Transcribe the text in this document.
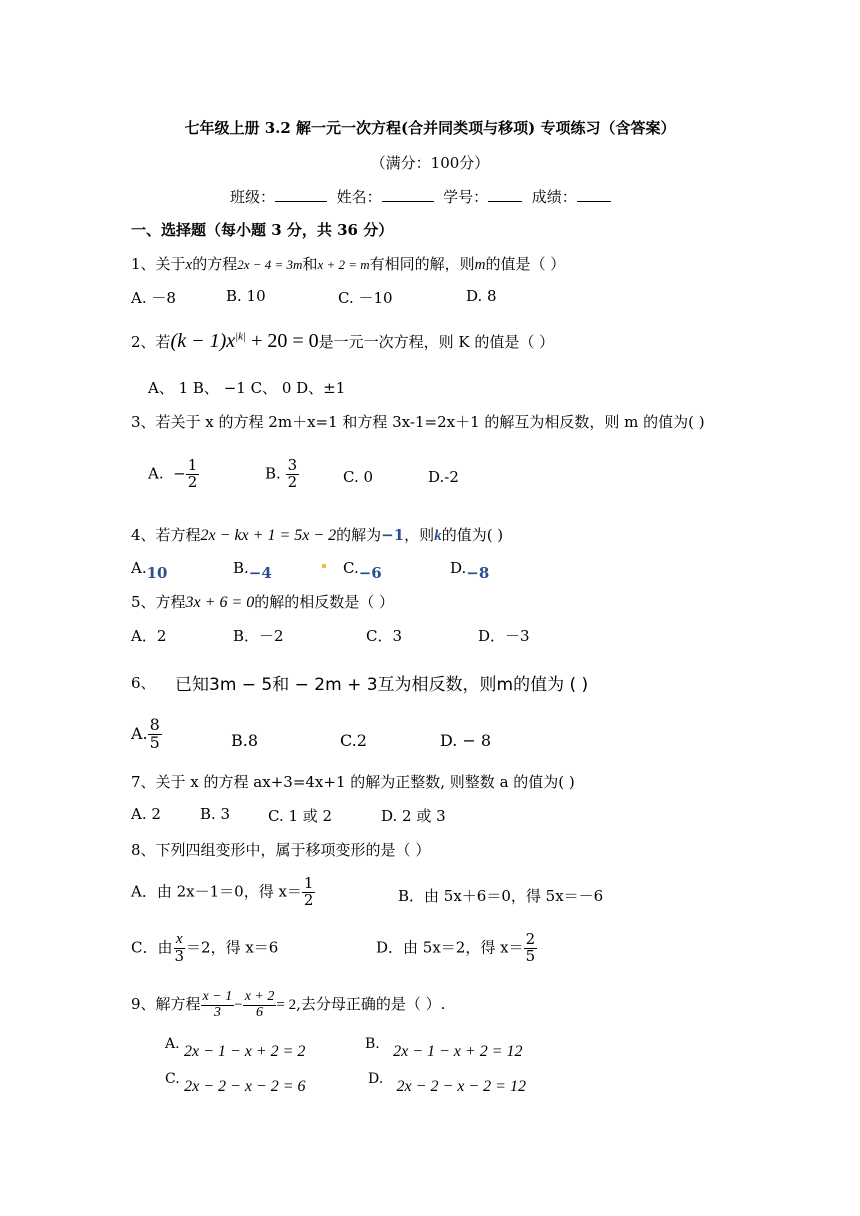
七年级上册 3.2 解一元一次方程(合并同类项与移项) 专项练习（含答案）
（满分：100分）
班级：	姓名：	学号：	成绩：
一、选择题（每小题 3 分，共 36 分）
1、关于x的方程2x − 4 = 3m和x + 2 = m有相同的解，则m的值是（ ）
A. －8	B. 10	C. －10	D. 8
2、若$(k - 1)x^{|k|} + 20 = 0$是一元一次方程，则 K 的值是（ ）
A、 1 B、 −1 C、 0 D、±1
3、若关于 x 的方程 2m＋x=1 和方程 3x-1=2x＋1 的解互为相反数，则 m 的值为( )
A. − $\frac{1}{2}$	B. $\frac{3}{2}$	C. 0	D.-2
4、若方程2x − kx + 1 = 5x − 2的解为−1，则k的值为( )
A.10	B.−4	C.−6	D.−8
5、方程3x + 6 = 0的解的相反数是（ ）
A．2	B．－2	C．3	D．－3
6、 已知3m − 5和 − 2m + 3互为相反数，则m的值为 ( )
A. $\frac{8}{5}$	B.8	C.2	D. − 8
7、关于 x 的方程 ax+3=4x+1 的解为正整数, 则整数 a 的值为( )
A. 2	B. 3	C. 1 或 2	D. 2 或 3
8、下列四组变形中，属于移项变形的是（ ）
A．由 2x－1＝0，得 $x= \frac{1}{2}$	B．由 5x＋6＝0，得 5x＝－6
C．由 $\frac{x}{3} =2$，得 x＝6	D．由 5x＝2，得 $x= \frac{2}{5}$
9、解方程 $\frac{x - 1}{3} - \frac{x + 2}{6} = 2$,去分母正确的是（ ）.
A. 2x − 1 − x + 2 = 2	B. 2x − 1 − x + 2 = 12
C. 2x − 2 − x − 2 = 6	D. 2x − 2 − x − 2 = 12
